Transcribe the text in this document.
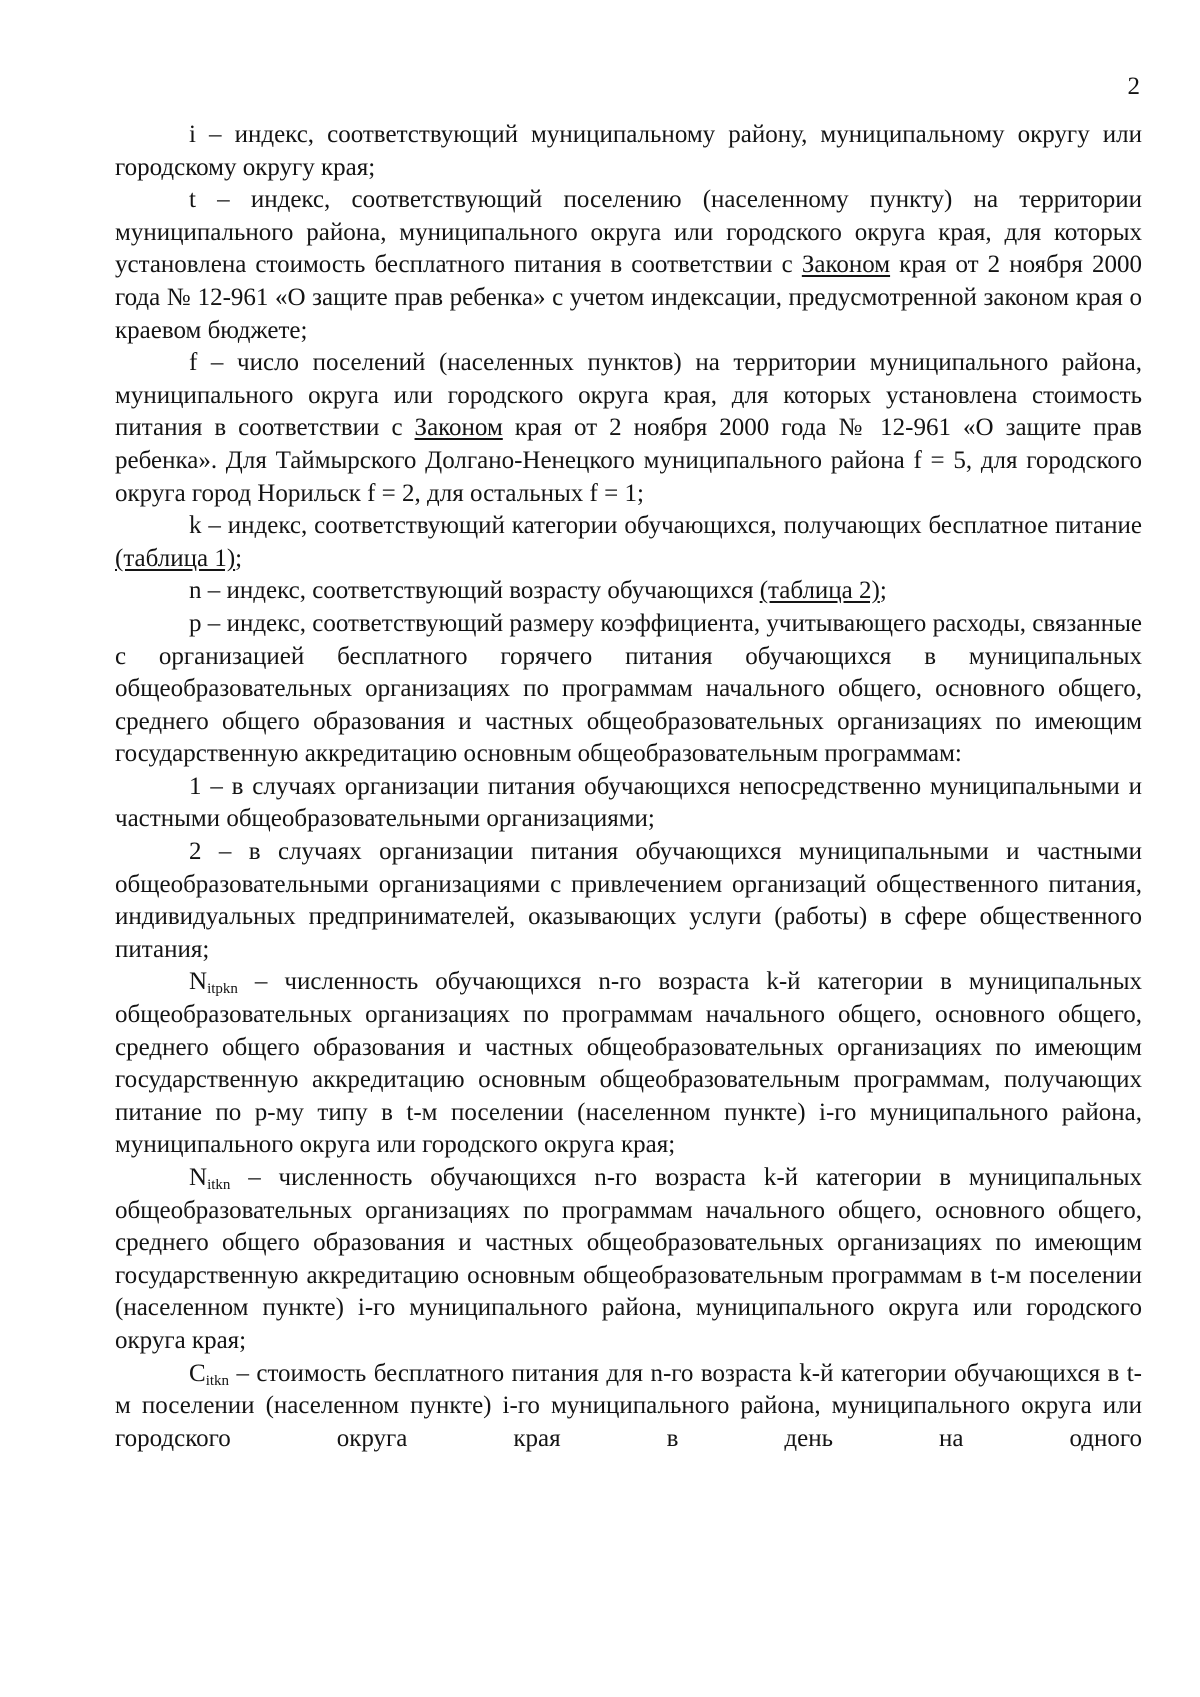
2

i – индекс, соответствующий муниципальному району, муниципальному округу или городскому округу края;

t – индекс, соответствующий поселению (населенному пункту) на территории муниципального района, муниципального округа или городского округа края, для которых установлена стоимость бесплатного питания в соответствии с Законом края от 2 ноября 2000 года № 12-961 «О защите прав ребенка» с учетом индексации, предусмотренной законом края о краевом бюджете;

f – число поселений (населенных пунктов) на территории муниципального района, муниципального округа или городского округа края, для которых установлена стоимость питания в соответствии с Законом края от 2 ноября 2000 года № 12-961 «О защите прав ребенка». Для Таймырского Долгано-Ненецкого муниципального района f = 5, для городского округа город Норильск f = 2, для остальных f = 1;

k – индекс, соответствующий категории обучающихся, получающих бесплатное питание (таблица 1);

n – индекс, соответствующий возрасту обучающихся (таблица 2);

p – индекс, соответствующий размеру коэффициента, учитывающего расходы, связанные с организацией бесплатного горячего питания обучающихся в муниципальных общеобразовательных организациях по программам начального общего, основного общего, среднего общего образования и частных общеобразовательных организациях по имеющим государственную аккредитацию основным общеобразовательным программам:

1 – в случаях организации питания обучающихся непосредственно муниципальными и частными общеобразовательными организациями;

2 – в случаях организации питания обучающихся муниципальными и частными общеобразовательными организациями с привлечением организаций общественного питания, индивидуальных предпринимателей, оказывающих услуги (работы) в сфере общественного питания;

$N_{itpkn}$ – численность обучающихся n-го возраста k-й категории в муниципальных общеобразовательных организациях по программам начального общего, основного общего, среднего общего образования и частных общеобразовательных организациях по имеющим государственную аккредитацию основным общеобразовательным программам, получающих питание по p-му типу в t-м поселении (населенном пункте) i-го муниципального района, муниципального округа или городского округа края;

$N_{itkn}$ – численность обучающихся n-го возраста k-й категории в муниципальных общеобразовательных организациях по программам начального общего, основного общего, среднего общего образования и частных общеобразовательных организациях по имеющим государственную аккредитацию основным общеобразовательным программам в t-м поселении (населенном пункте) i-го муниципального района, муниципального округа или городского округа края;

$C_{itkn}$ – стоимость бесплатного питания для n-го возраста k-й категории обучающихся в t-м поселении (населенном пункте) i-го муниципального района, муниципального округа или городского округа края в день на одного
